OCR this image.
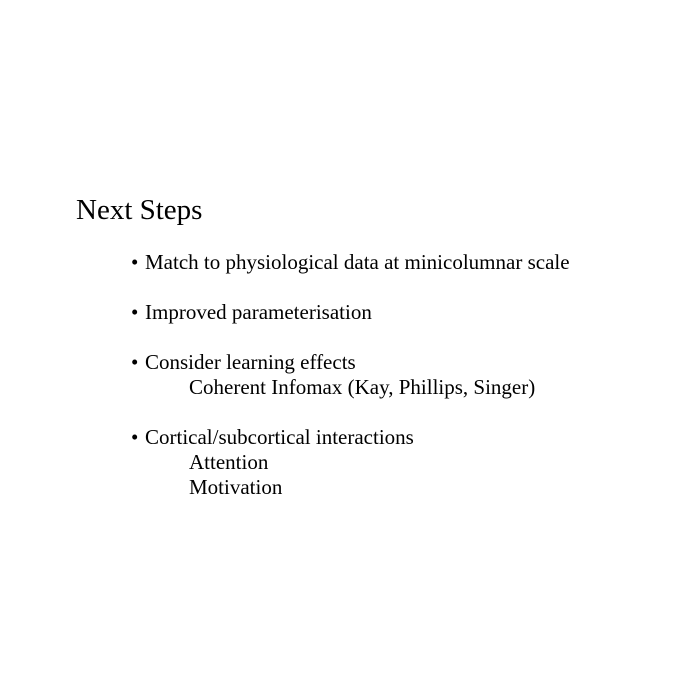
Next Steps
• Match to physiological data at minicolumnar scale
• Improved parameterisation
• Consider learning effects
Coherent Infomax (Kay, Phillips, Singer)
• Cortical/subcortical interactions
Attention
Motivation
